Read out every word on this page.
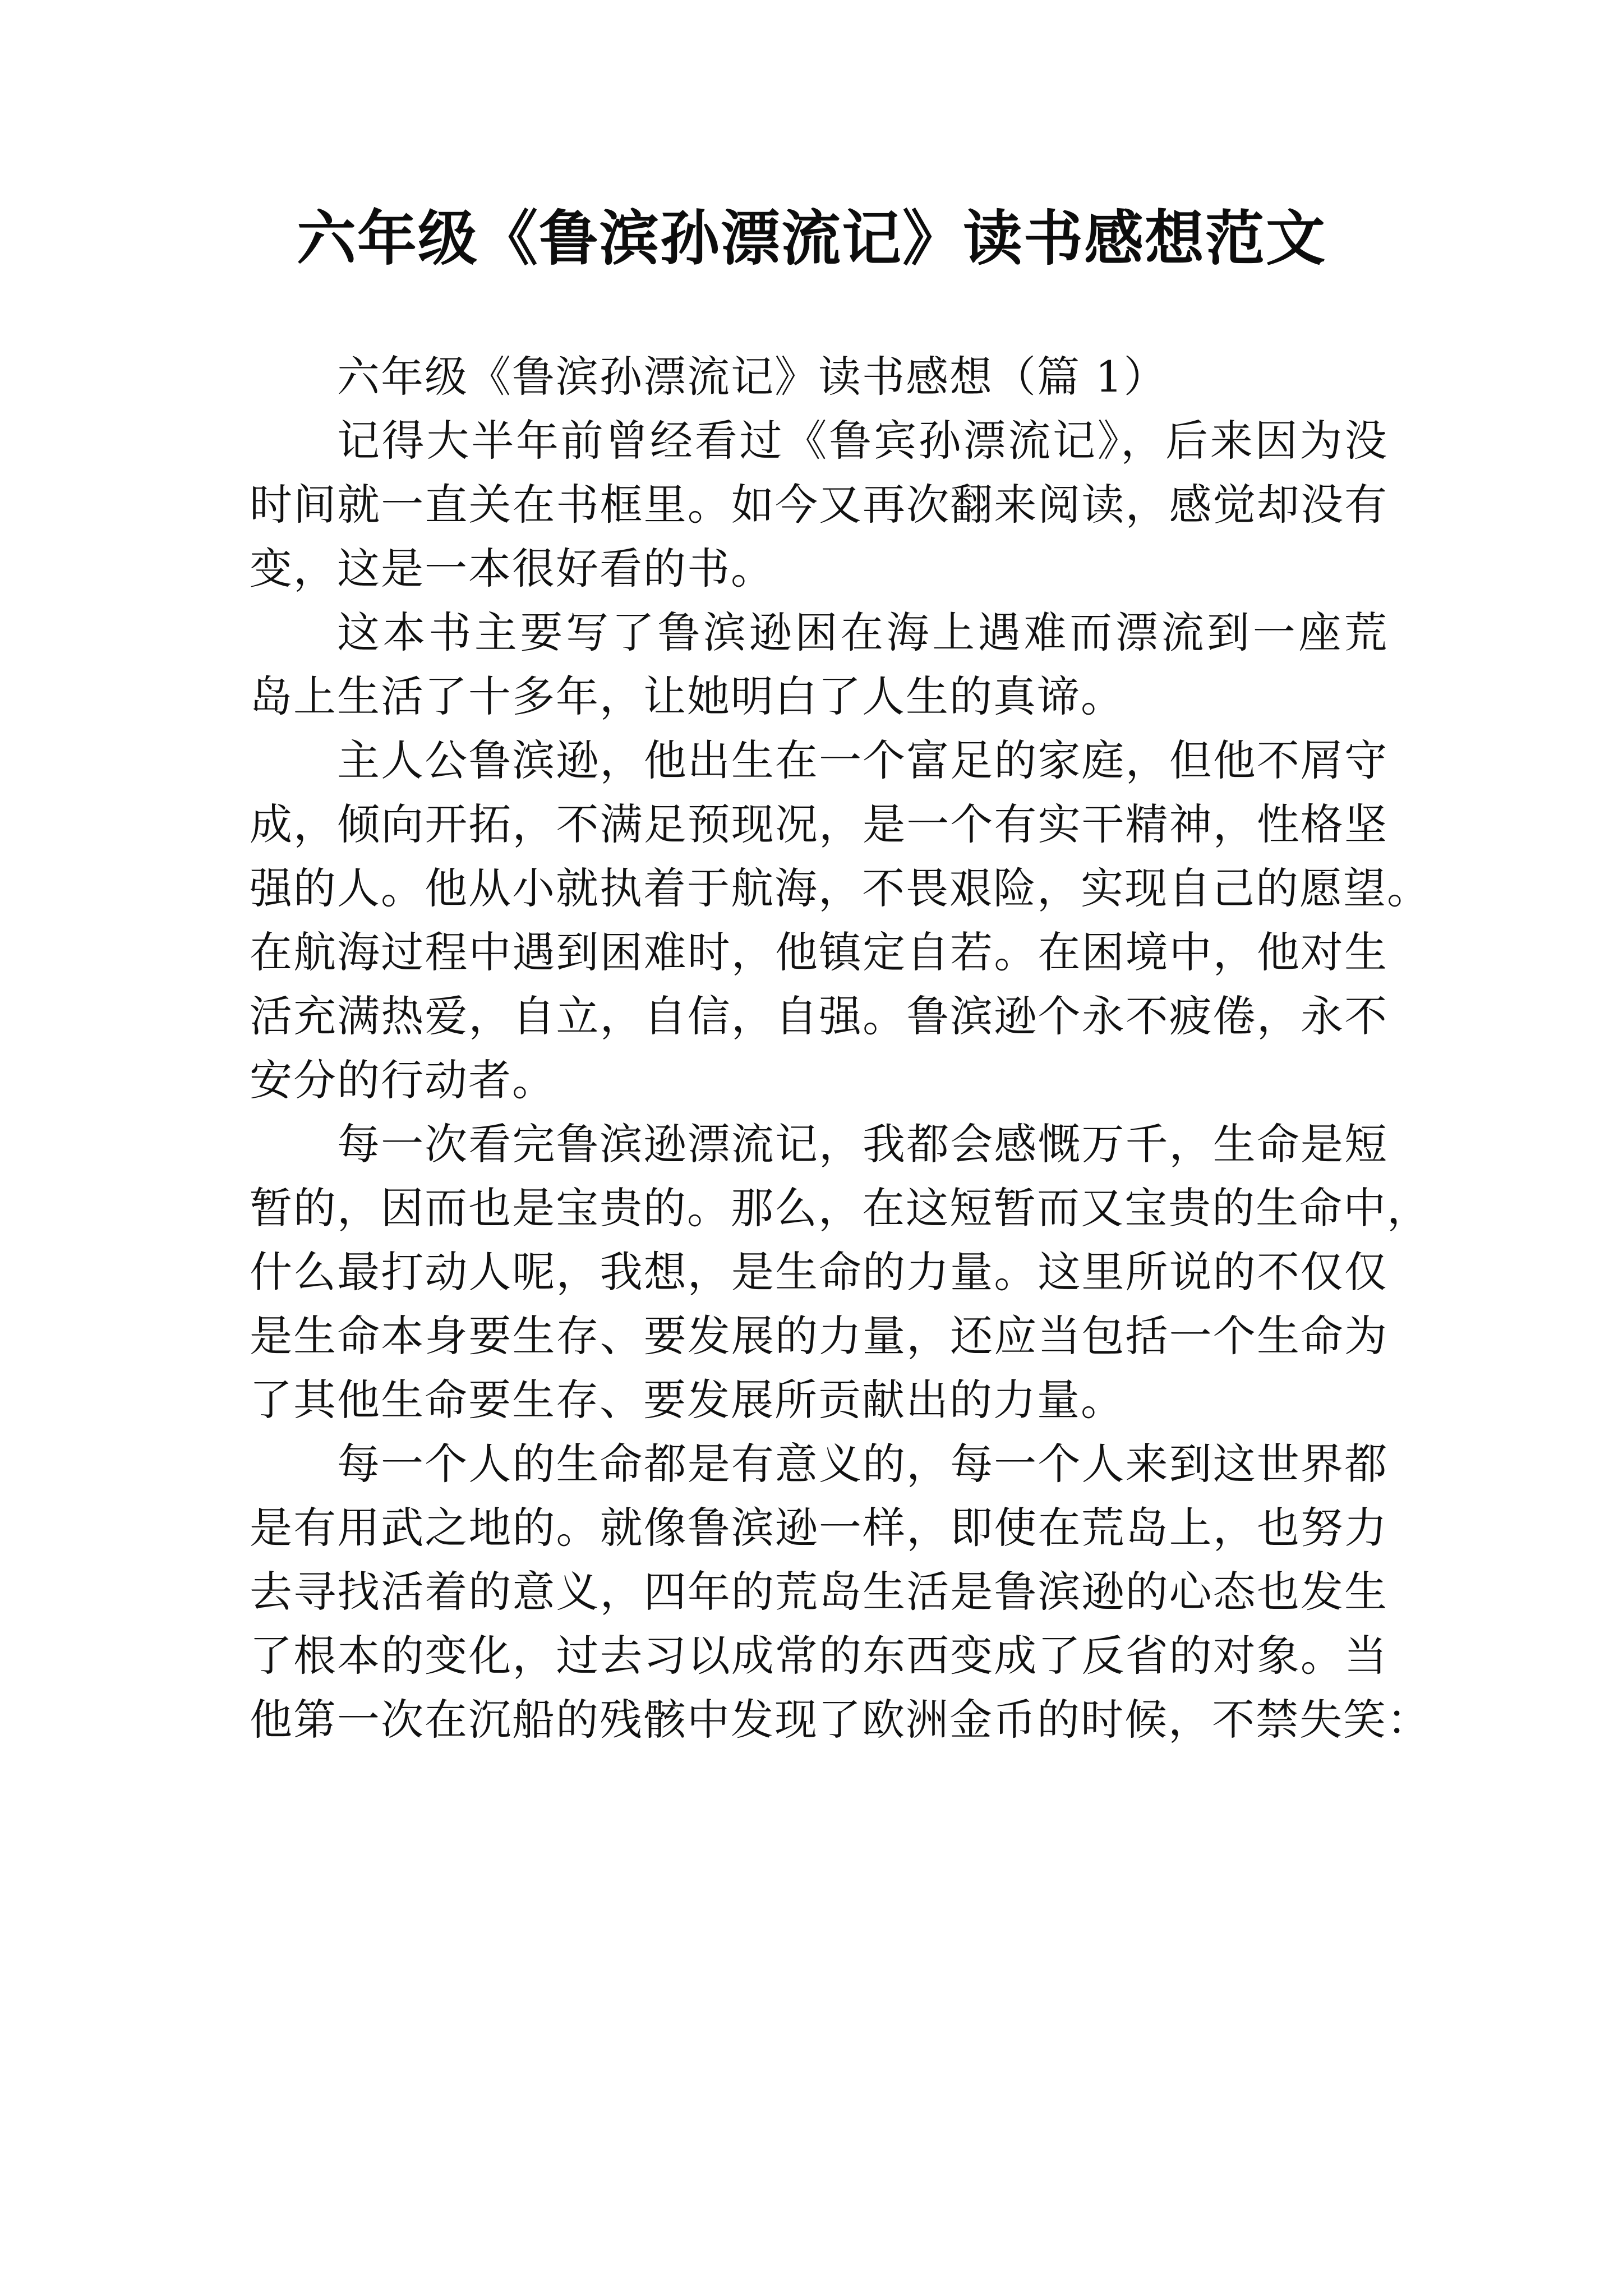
六年级《鲁滨孙漂流记》读书感想范文

六年级《鲁滨孙漂流记》读书感想（篇 1）

记得大半年前曾经看过《鲁宾孙漂流记》，后来因为没
时间就一直关在书框里。如今又再次翻来阅读，感觉却没有
变，这是一本很好看的书。
这本书主要写了鲁滨逊困在海上遇难而漂流到一座荒
岛上生活了十多年，让她明白了人生的真谛。
主人公鲁滨逊，他出生在一个富足的家庭，但他不屑守
成，倾向开拓，不满足预现况，是一个有实干精神，性格坚
强的人。他从小就执着于航海，不畏艰险，实现自己的愿望。
在航海过程中遇到困难时，他镇定自若。在困境中，他对生
活充满热爱，自立，自信，自强。鲁滨逊个永不疲倦，永不
安分的行动者。
每一次看完鲁滨逊漂流记，我都会感慨万千，生命是短
暂的，因而也是宝贵的。那么，在这短暂而又宝贵的生命中，
什么最打动人呢，我想，是生命的力量。这里所说的不仅仅
是生命本身要生存、要发展的力量，还应当包括一个生命为
了其他生命要生存、要发展所贡献出的力量。
每一个人的生命都是有意义的，每一个人来到这世界都
是有用武之地的。就像鲁滨逊一样，即使在荒岛上，也努力
去寻找活着的意义，四年的荒岛生活是鲁滨逊的心态也发生
了根本的变化，过去习以成常的东西变成了反省的对象。当
他第一次在沉船的残骸中发现了欧洲金币的时候，不禁失笑：
